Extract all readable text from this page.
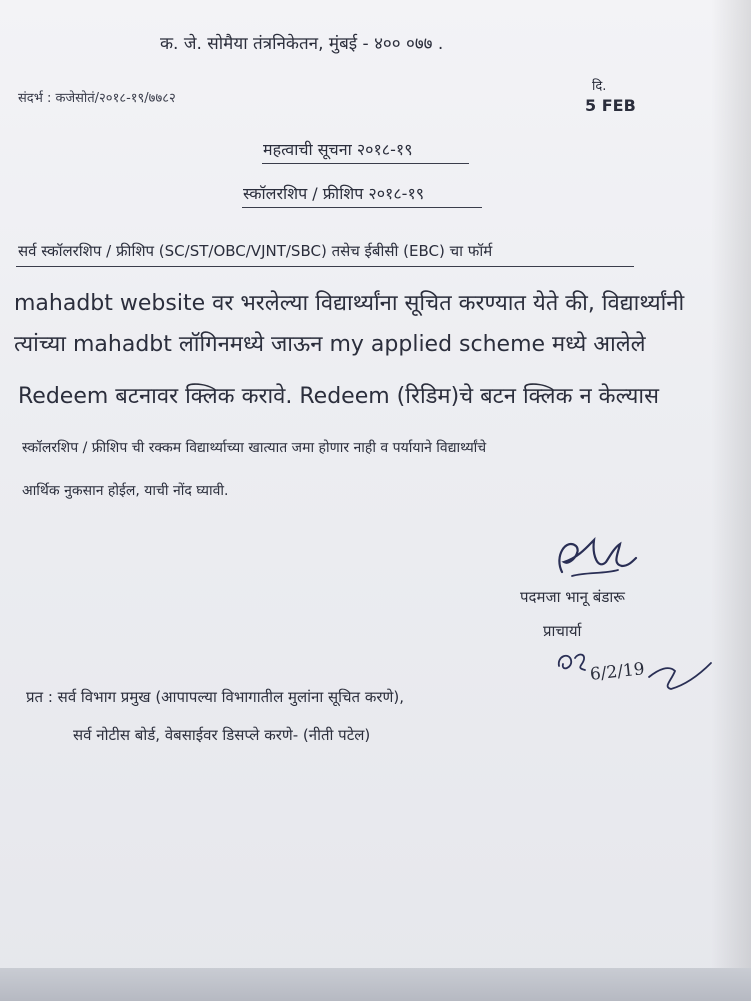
क. जे. सोमैया तंत्रनिकेतन, मुंबई - ४०० ०७७ .
संदर्भ : कजेसोतं/२०१८-१९/७७८२
दि.
5 FEB
महत्वाची सूचना २०१८-१९
स्कॉलरशिप / फ्रीशिप २०१८-१९
सर्व स्कॉलरशिप / फ्रीशिप (SC/ST/OBC/VJNT/SBC) तसेच ईबीसी (EBC) चा फॉर्म
mahadbt website वर भरलेल्या विद्यार्थ्यांना सूचित करण्यात येते की, विद्यार्थ्यांनी
त्यांच्या mahadbt लॉगिनमध्ये जाऊन my applied scheme मध्ये आलेले
Redeem बटनावर क्लिक करावे. Redeem (रिडिम)चे बटन क्लिक न केल्यास
स्कॉलरशिप / फ्रीशिप ची रक्कम विद्यार्थ्याच्या खात्यात जमा होणार नाही व पर्यायाने विद्यार्थ्यांचे
आर्थिक नुकसान होईल, याची नोंद घ्यावी.
पदमजा भानू बंडारू
प्राचार्या
6/2/19
प्रत : सर्व विभाग प्रमुख (आपापल्या विभागातील मुलांना सूचित करणे),
सर्व नोटीस बोर्ड, वेबसाईवर डिसप्ले करणे- (नीती पटेल)
